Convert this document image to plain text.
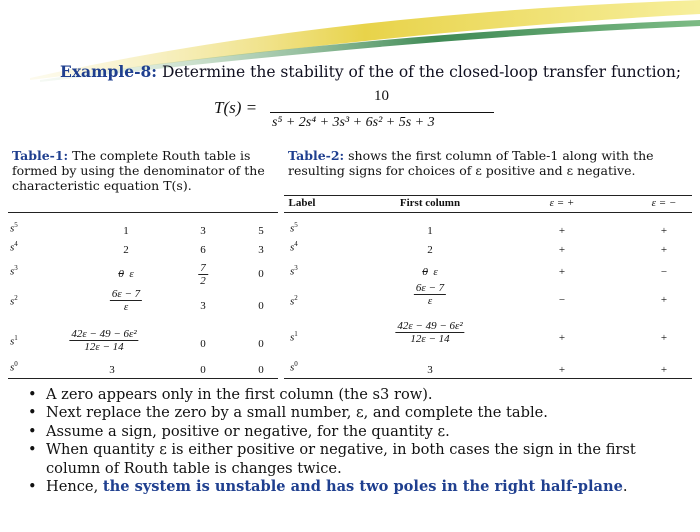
Example-8: Determine the stability of the of the closed-loop transfer function;
T(s) =
10
s⁵ + 2s⁴ + 3s³ + 6s² + 5s + 3
Table-1: The complete Routh table is formed by using the denominator of the characteristic equation T(s).
Table-2: shows the first column of Table-1 along with the resulting signs for choices of ε positive and ε negative.
$s^5$	1	3	5
$s^4$	2	6	3
$s^3$	0 ε	$\frac{7}{2}$	0
$s^2$	$\frac{6\varepsilon - 7}{\varepsilon}$	3	0
$s^1$	$\frac{\text{42ε − 49 − 6ε²}}{12\varepsilon - 14}$	0	0
$s^0$	3	0	0
Label	First column	ε = +	ε = −
$s^5$	1	+	+
$s^4$	2	+	+
$s^3$	0 ε	+	−
$s^2$	$\frac{6\varepsilon - 7}{\varepsilon}$	−	+
$s^1$	$\frac{\text{42ε − 49 − 6ε²}}{12\varepsilon - 14}$	+	+
$s^0$	3	+	+
• A zero appears only in the first column (the s3 row).
• Next replace the zero by a small number, ε, and complete the table.
• Assume a sign, positive or negative, for the quantity ε.
• When quantity ε is either positive or negative, in both cases the sign in the first column of Routh table is changes twice.
• Hence, the system is unstable and has two poles in the right half-plane.
